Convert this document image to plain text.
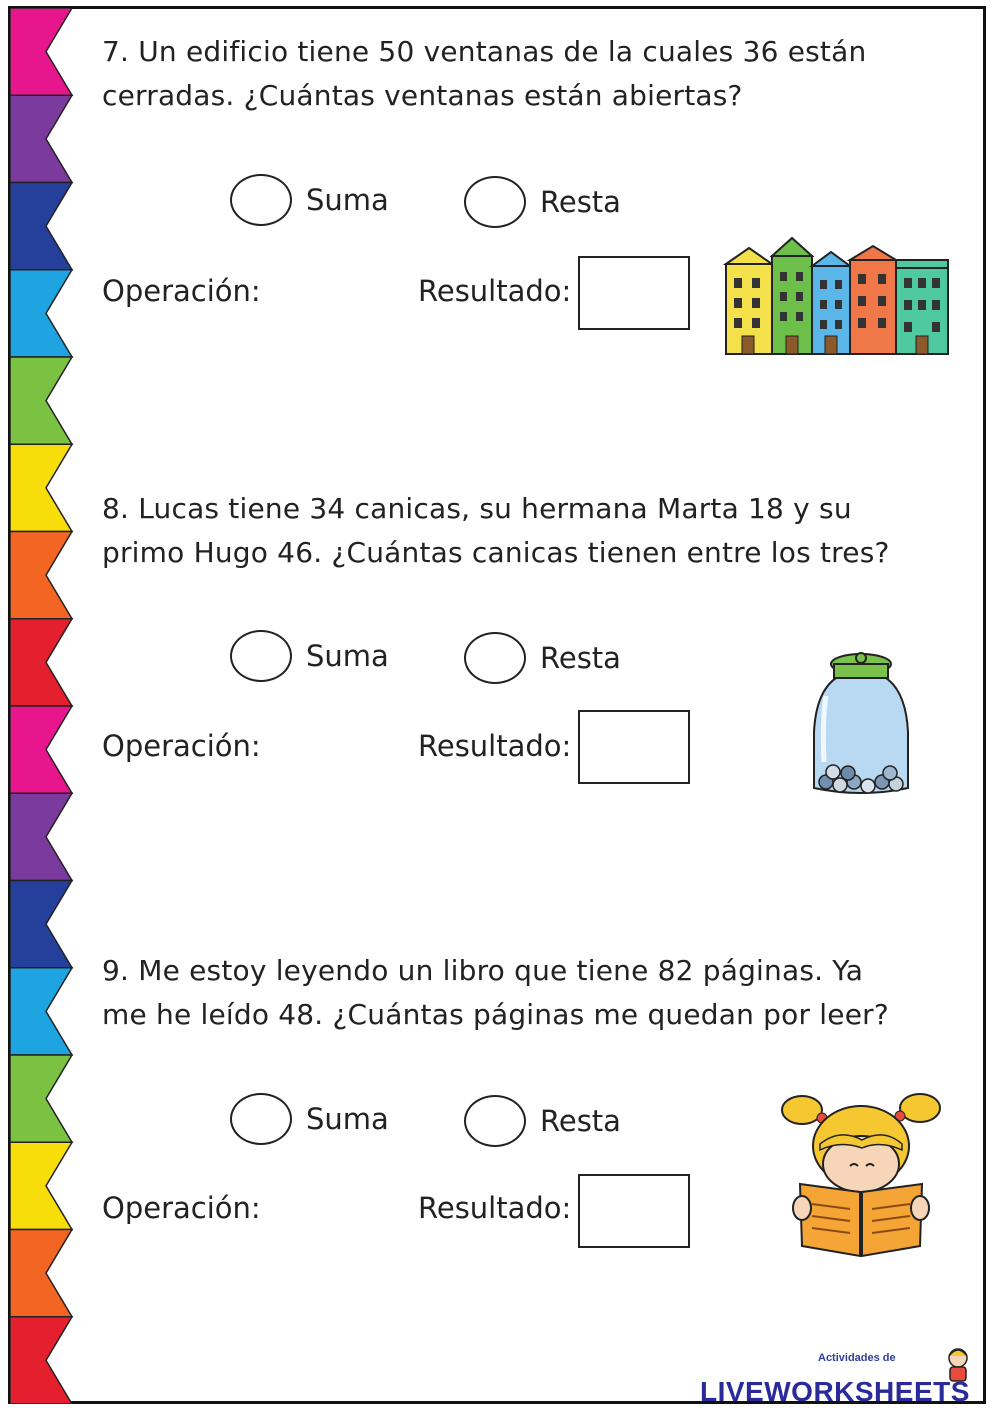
7. Un edificio tiene 50 ventanas de la cuales 36 están
cerradas. ¿Cuántas ventanas están abiertas?

Suma	Resta
Operación:	Resultado:

8. Lucas tiene 34 canicas, su hermana Marta 18 y su
primo Hugo 46. ¿Cuántas canicas tienen entre los tres?

Suma	Resta
Operación:	Resultado:

9. Me estoy leyendo un libro que tiene 82 páginas. Ya
me he leído 48. ¿Cuántas páginas me quedan por leer?

Suma	Resta
Operación:	Resultado:
Actividades de
LIVEWORKSHEETS
